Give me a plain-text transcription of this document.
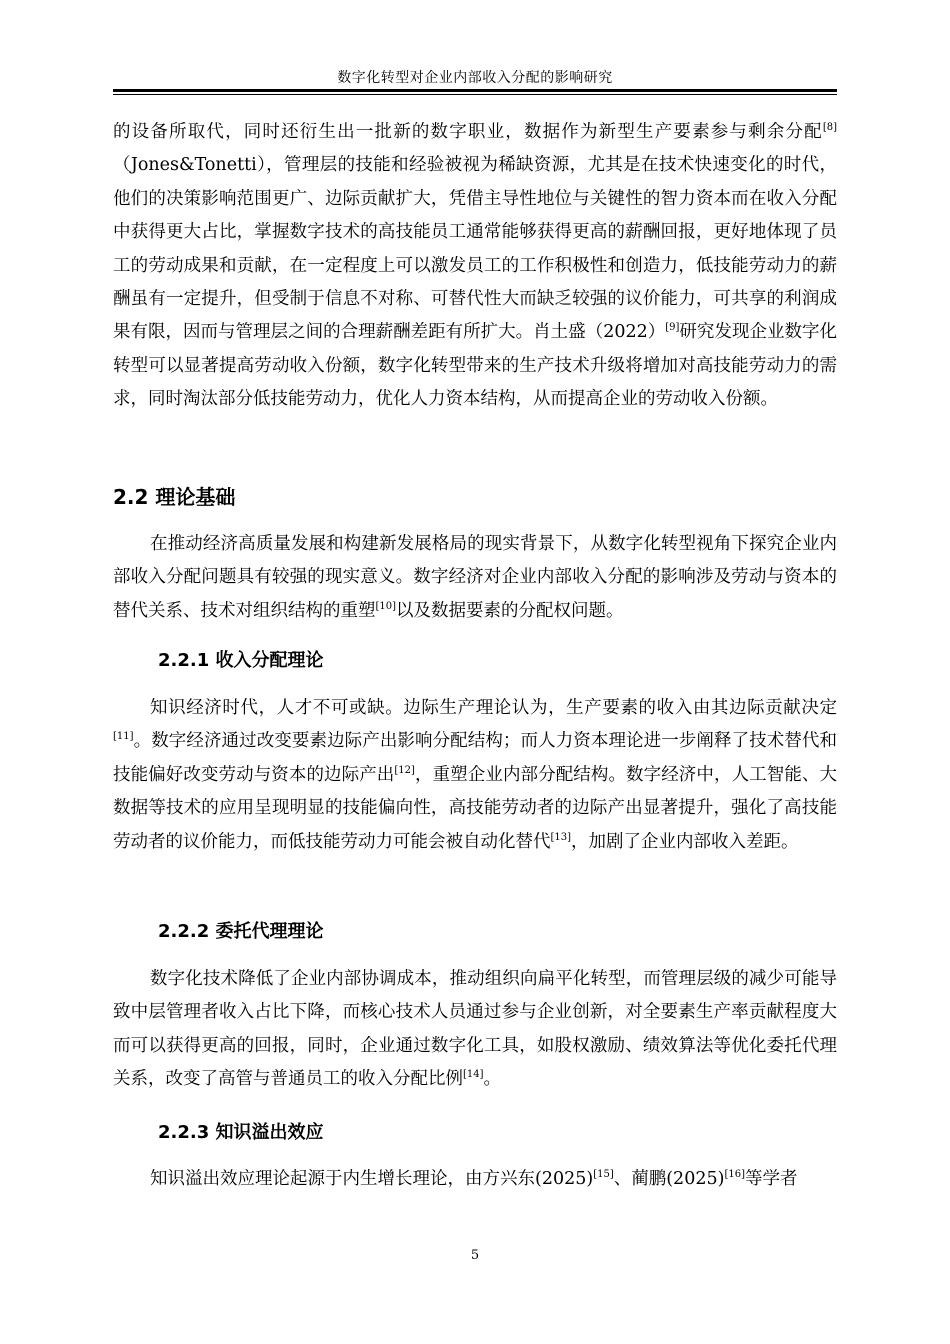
数字化转型对企业内部收入分配的影响研究

的设备所取代，同时还衍生出一批新的数字职业，数据作为新型生产要素参与剩余分配[8]（Jones&Tonetti），管理层的技能和经验被视为稀缺资源，尤其是在技术快速变化的时代，他们的决策影响范围更广、边际贡献扩大，凭借主导性地位与关键性的智力资本而在收入分配中获得更大占比，掌握数字技术的高技能员工通常能够获得更高的薪酬回报，更好地体现了员工的劳动成果和贡献，在一定程度上可以激发员工的工作积极性和创造力，低技能劳动力的薪酬虽有一定提升，但受制于信息不对称、可替代性大而缺乏较强的议价能力，可共享的利润成果有限，因而与管理层之间的合理薪酬差距有所扩大。肖土盛（2022）[9]研究发现企业数字化转型可以显著提高劳动收入份额，数字化转型带来的生产技术升级将增加对高技能劳动力的需求，同时淘汰部分低技能劳动力，优化人力资本结构，从而提高企业的劳动收入份额。

2.2 理论基础

在推动经济高质量发展和构建新发展格局的现实背景下，从数字化转型视角下探究企业内部收入分配问题具有较强的现实意义。数字经济对企业内部收入分配的影响涉及劳动与资本的替代关系、技术对组织结构的重塑[10]以及数据要素的分配权问题。

2.2.1 收入分配理论

知识经济时代，人才不可或缺。边际生产理论认为，生产要素的收入由其边际贡献决定[11]。数字经济通过改变要素边际产出影响分配结构；而人力资本理论进一步阐释了技术替代和技能偏好改变劳动与资本的边际产出[12]，重塑企业内部分配结构。数字经济中，人工智能、大数据等技术的应用呈现明显的技能偏向性，高技能劳动者的边际产出显著提升，强化了高技能劳动者的议价能力，而低技能劳动力可能会被自动化替代[13]，加剧了企业内部收入差距。

2.2.2 委托代理理论

数字化技术降低了企业内部协调成本，推动组织向扁平化转型，而管理层级的减少可能导致中层管理者收入占比下降，而核心技术人员通过参与企业创新，对全要素生产率贡献程度大而可以获得更高的回报，同时，企业通过数字化工具，如股权激励、绩效算法等优化委托代理关系，改变了高管与普通员工的收入分配比例[14]。

2.2.3 知识溢出效应

知识溢出效应理论起源于内生增长理论，由方兴东(2025)[15]、蔺鹏(2025)[16]等学者

5
